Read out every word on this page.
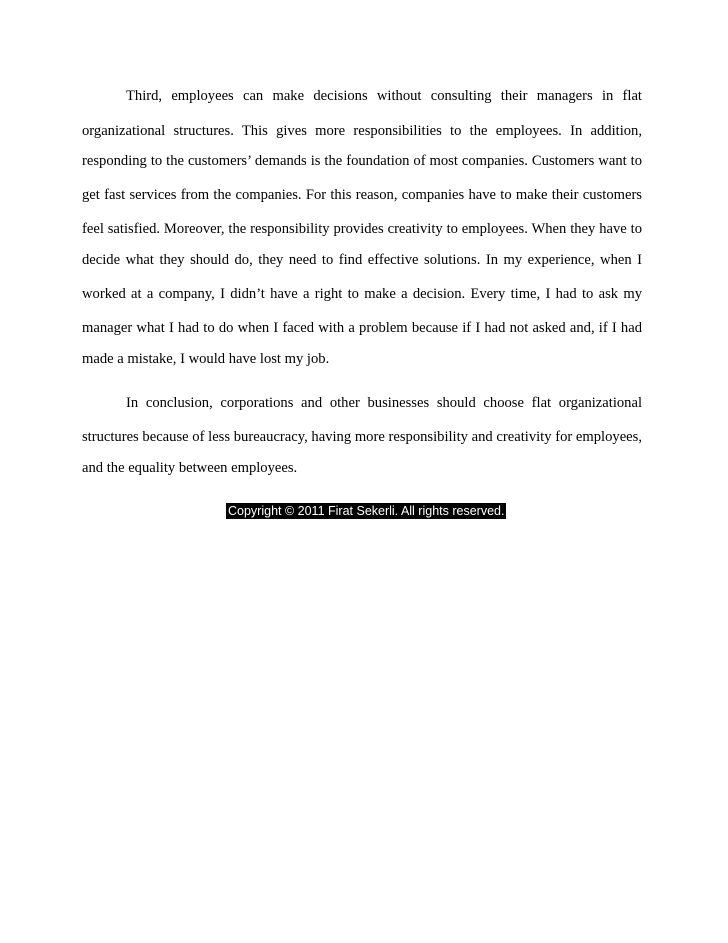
Third, employees can make decisions without consulting their managers in flat
organizational structures. This gives more responsibilities to the employees. In addition,
responding to the customers’ demands is the foundation of most companies. Customers want to
get fast services from the companies. For this reason, companies have to make their customers
feel satisfied. Moreover, the responsibility provides creativity to employees. When they have to
decide what they should do, they need to find effective solutions. In my experience, when I
worked at a company, I didn’t have a right to make a decision. Every time, I had to ask my
manager what I had to do when I faced with a problem because if I had not asked and, if I had
made a mistake, I would have lost my job.
In conclusion, corporations and other businesses should choose flat organizational
structures because of less bureaucracy, having more responsibility and creativity for employees,
and the equality between employees.
Copyright © 2011 Firat Sekerli. All rights reserved.
